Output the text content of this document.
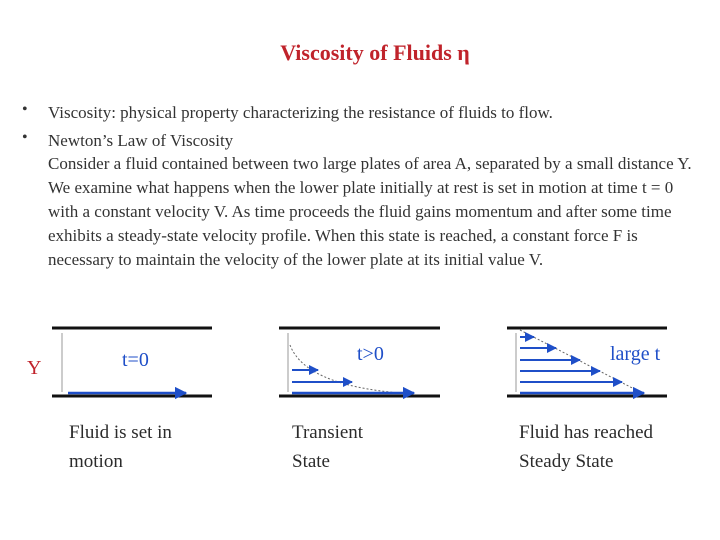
Viscosity of Fluids η
• Viscosity: physical property characterizing the resistance of fluids to flow.
• Newton’s Law of Viscosity
Consider a fluid contained between two large plates of area A, separated by a small distance Y. We examine what happens when the lower plate initially at rest is set in motion at time t = 0 with a constant velocity V. As time proceeds the fluid gains momentum and after some time exhibits a steady-state velocity profile. When this state is reached, a constant force F is necessary to maintain the velocity of the lower plate at its initial value V.
Y	t=0	t>0	large t
Fluid is set in
motion
Transient
State
Fluid has reached
Steady State
